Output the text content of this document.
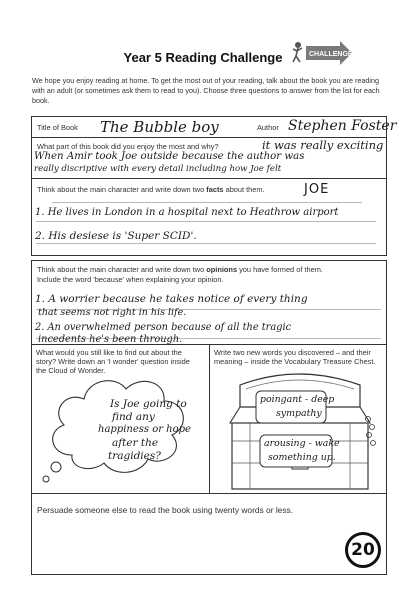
Year 5 Reading Challenge	CHALLENGE
We hope you enjoy reading at home. To get the most out of your reading, talk about the book you are reading with an adult (or sometimes ask them to read to you). Choose three questions to answer from the list for each book.
Title of Book The Bubble boy	Author Stephen Foster
What part of this book did you enjoy the most and why?	it was really exciting
When Amir took Joe outside because the author was
really discriptive with every detail including how Joe felt
Think about the main character and write down two facts about them.	JOE
1. He lives in London in a hospital next to Heathrow airport
2. His desiese is 'Super SCID'.
Think about the main character and write down two opinions you have formed of them.
Include the word 'because' when explaining your opinion.
1. A worrier because he takes notice of every thing
that seems not right in his life.
2. An overwhelmed person because of all the tragic
incedents he's been through.
What would you still like to find out about the story? Write down an 'I wonder' question inside the Cloud of Wonder.
Is Joe going to
find any
happiness or hope
after the
tragidies?
Write two new words you discovered – and their meaning – inside the Vocabulary Treasure Chest.
poingant - deep
sympathy
arousing - wake
something up.
Persuade someone else to read the book using twenty words or less.
20
